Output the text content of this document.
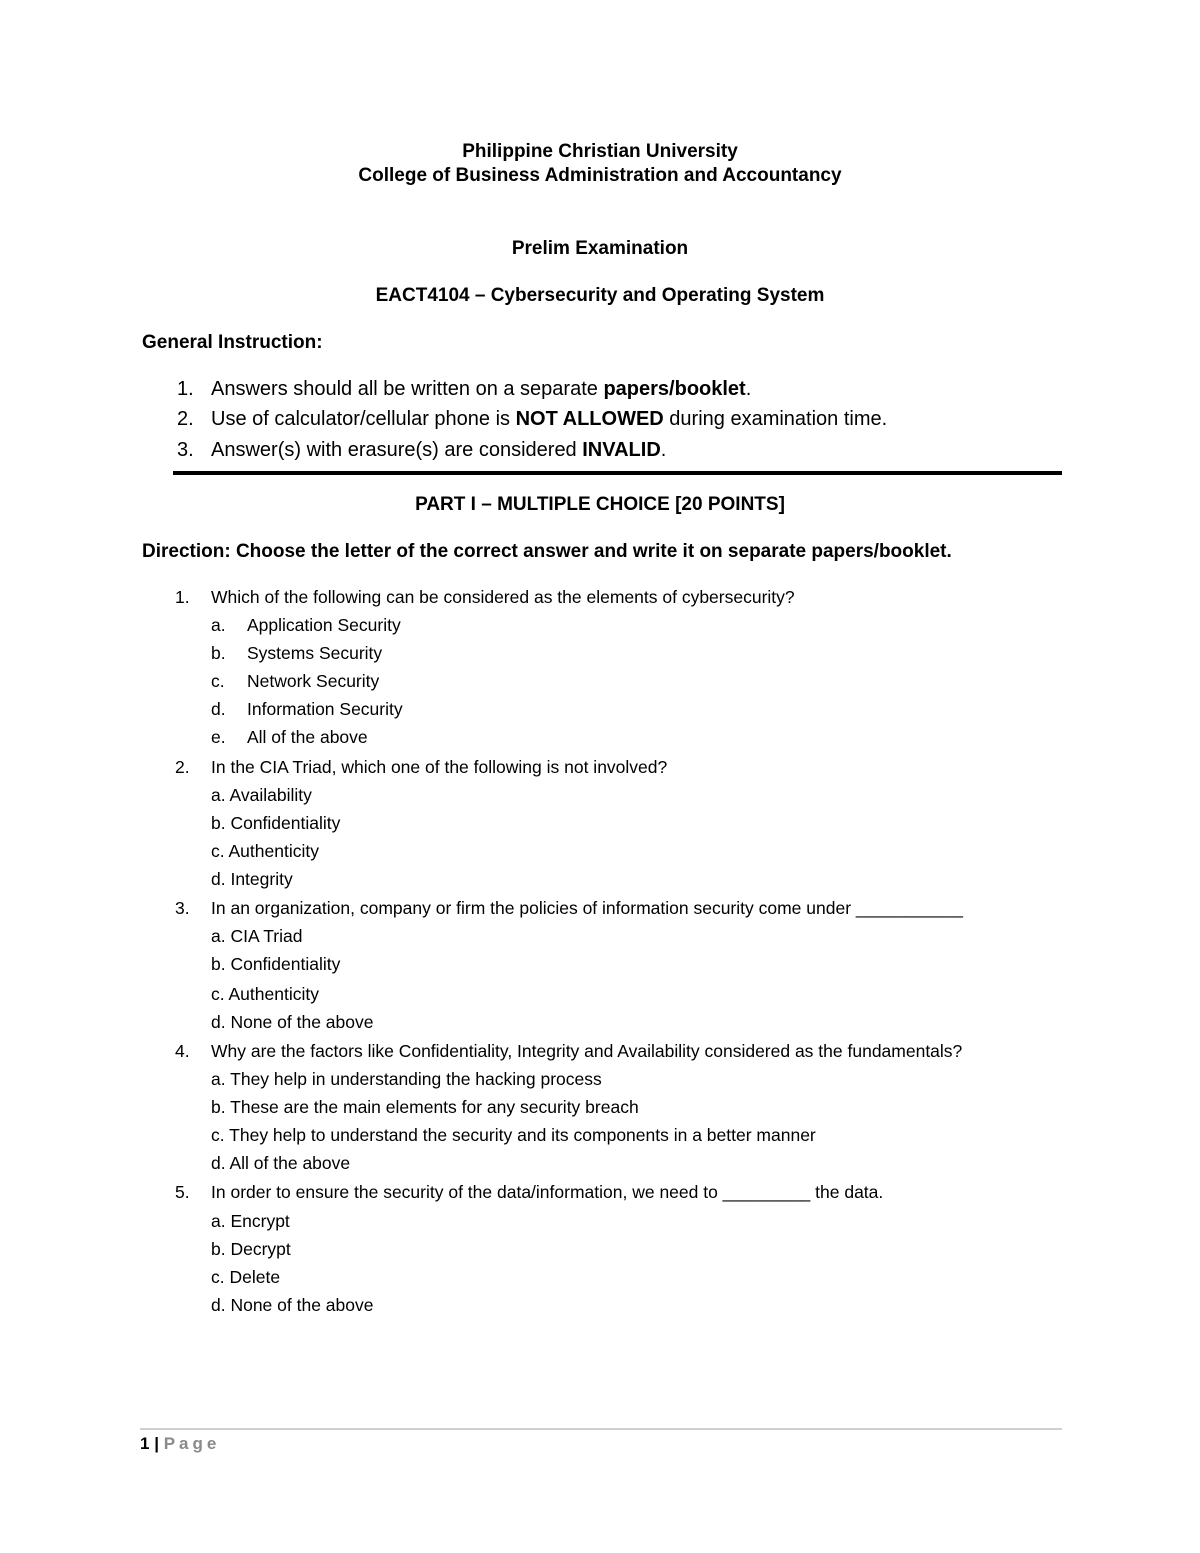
Philippine Christian University
College of Business Administration and Accountancy
Prelim Examination
EACT4104 – Cybersecurity and Operating System
General Instruction:
1. Answers should all be written on a separate papers/booklet.
2. Use of calculator/cellular phone is NOT ALLOWED during examination time.
3. Answer(s) with erasure(s) are considered INVALID.
PART I – MULTIPLE CHOICE [20 POINTS]
Direction: Choose the letter of the correct answer and write it on separate papers/booklet.
1. Which of the following can be considered as the elements of cybersecurity?
a. Application Security
b. Systems Security
c. Network Security
d. Information Security
e. All of the above
2. In the CIA Triad, which one of the following is not involved?
a. Availability
b. Confidentiality
c. Authenticity
d. Integrity
3. In an organization, company or firm the policies of information security come under ___________
a. CIA Triad
b. Confidentiality
c. Authenticity
d. None of the above
4. Why are the factors like Confidentiality, Integrity and Availability considered as the fundamentals?
a. They help in understanding the hacking process
b. These are the main elements for any security breach
c. They help to understand the security and its components in a better manner
d. All of the above
5. In order to ensure the security of the data/information, we need to _________ the data.
a. Encrypt
b. Decrypt
c. Delete
d. None of the above
1 | Page
